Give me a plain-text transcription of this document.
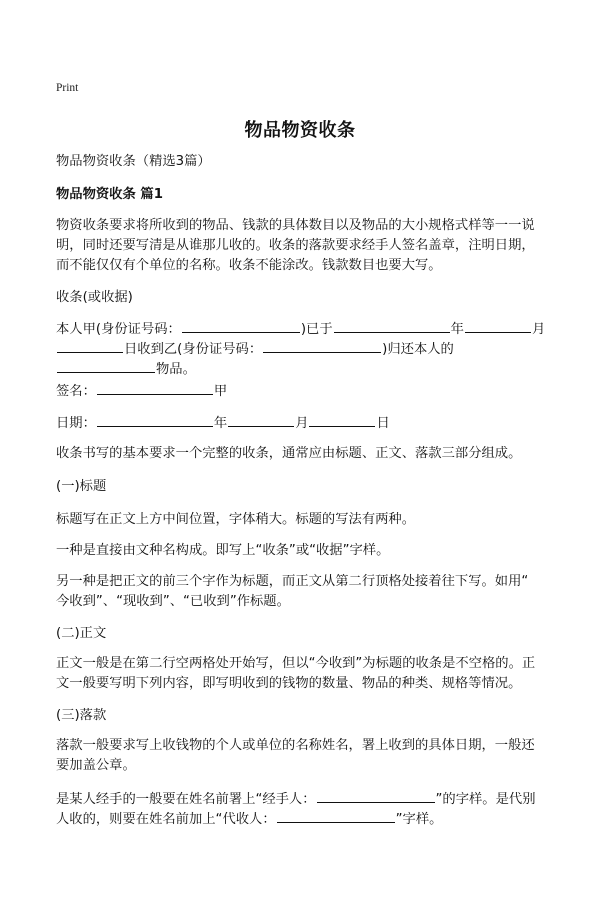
Print
物品物资收条
物品物资收条（精选3篇）
物品物资收条 篇1
物资收条要求将所收到的物品、钱款的具体数目以及物品的大小规格式样等一一说
明，同时还要写清是从谁那儿收的。收条的落款要求经手人签名盖章，注明日期，
而不能仅仅有个单位的名称。收条不能涂改。钱款数目也要大写。
收条(或收据)
本人甲(身份证号码：	)已于	年	月
日收到乙(身份证号码：	)归还本人的
物品。
签名：	甲
日期：	年	月	日
收条书写的基本要求一个完整的收条，通常应由标题、正文、落款三部分组成。
(一)标题
标题写在正文上方中间位置，字体稍大。标题的写法有两种。
一种是直接由文种名构成。即写上“收条”或“收据”字样。
另一种是把正文的前三个字作为标题，而正文从第二行顶格处接着往下写。如用“
今收到”、“现收到”、“已收到”作标题。
(二)正文
正文一般是在第二行空两格处开始写，但以“今收到”为标题的收条是不空格的。正
文一般要写明下列内容，即写明收到的钱物的数量、物品的种类、规格等情况。
(三)落款
落款一般要求写上收钱物的个人或单位的名称姓名，署上收到的具体日期，一般还
要加盖公章。
是某人经手的一般要在姓名前署上“经手人：	”的字样。是代别
人收的，则要在姓名前加上“代收人：	”字样。
